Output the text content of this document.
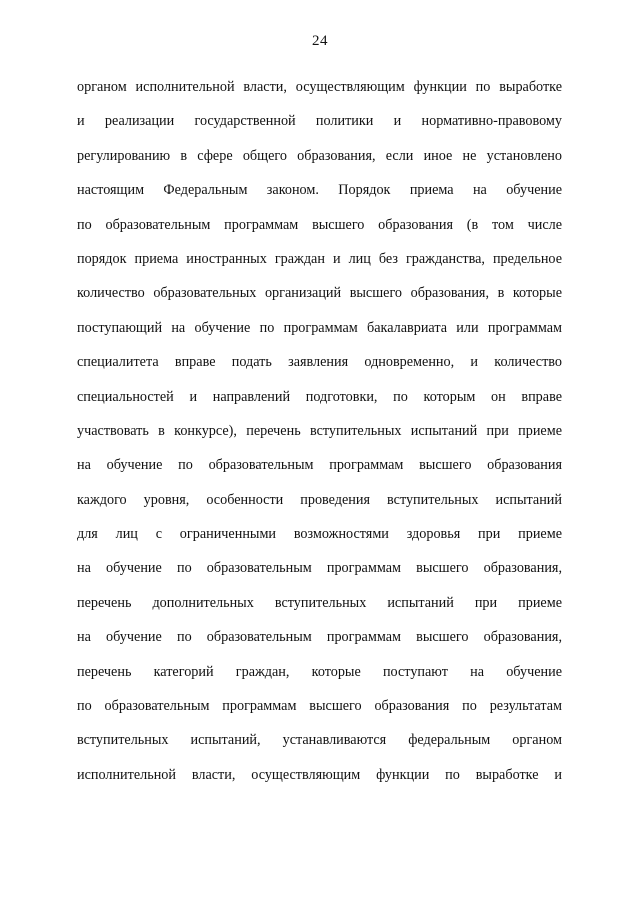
24
органом исполнительной власти, осуществляющим функции по выработке
и реализации государственной политики и нормативно-правовому
регулированию в сфере общего образования, если иное не установлено
настоящим Федеральным законом. Порядок приема на обучение
по образовательным программам высшего образования (в том числе
порядок приема иностранных граждан и лиц без гражданства, предельное
количество образовательных организаций высшего образования, в которые
поступающий на обучение по программам бакалавриата или программам
специалитета вправе подать заявления одновременно, и количество
специальностей и направлений подготовки, по которым он вправе
участвовать в конкурсе), перечень вступительных испытаний при приеме
на обучение по образовательным программам высшего образования
каждого уровня, особенности проведения вступительных испытаний
для лиц с ограниченными возможностями здоровья при приеме
на обучение по образовательным программам высшего образования,
перечень дополнительных вступительных испытаний при приеме
на обучение по образовательным программам высшего образования,
перечень категорий граждан, которые поступают на обучение
по образовательным программам высшего образования по результатам
вступительных испытаний, устанавливаются федеральным органом
исполнительной власти, осуществляющим функции по выработке и
